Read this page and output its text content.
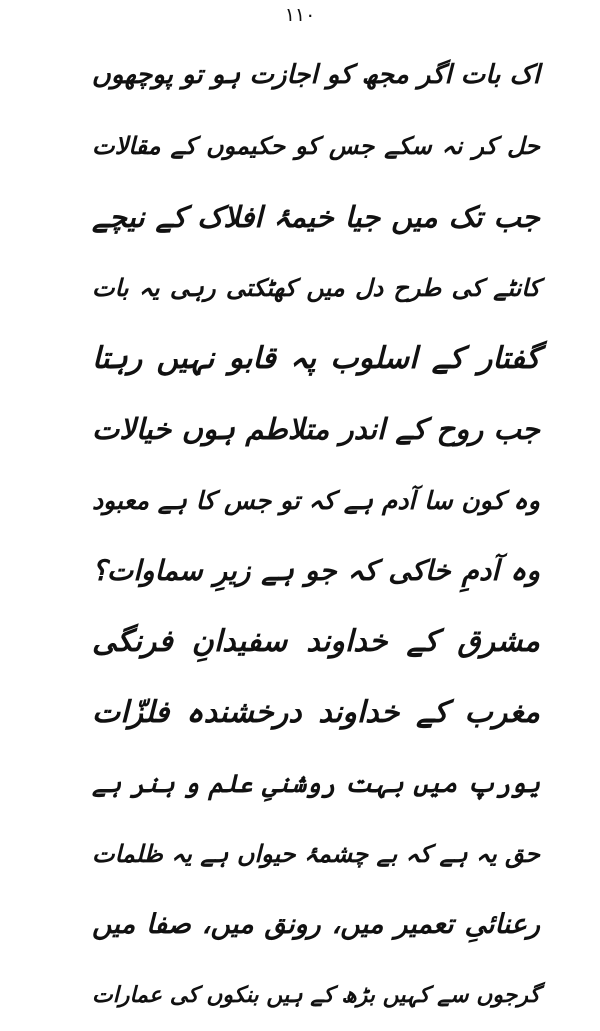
۱۱۰
اک بات اگر مجھ کو اجازت ہو تو پوچھوں
حل کر نہ سکے جس کو حکیموں کے مقالات
جب تک میں جیا خیمۂ افلاک کے نیچے
کانٹے کی طرح دل میں کھٹکتی رہی یہ بات
گفتار کے اسلوب پہ قابو نہیں رہتا
جب روح کے اندر متلاطم ہوں خیالات
وہ کون سا آدم ہے کہ تو جس کا ہے معبود
وہ آدمِ خاکی کہ جو ہے زیرِ سماوات؟
مشرق کے خداوند سفیدانِ فرنگی
مغرب کے خداوند درخشندہ فلزّات
یورپ میں بہت روشنیِ علم و ہنر ہے
حق یہ ہے کہ بے چشمۂ حیواں ہے یہ ظلمات
رعنائیِ تعمیر میں، رونق میں، صفا میں
گرجوں سے کہیں بڑھ کے ہیں بنکوں کی عمارات
